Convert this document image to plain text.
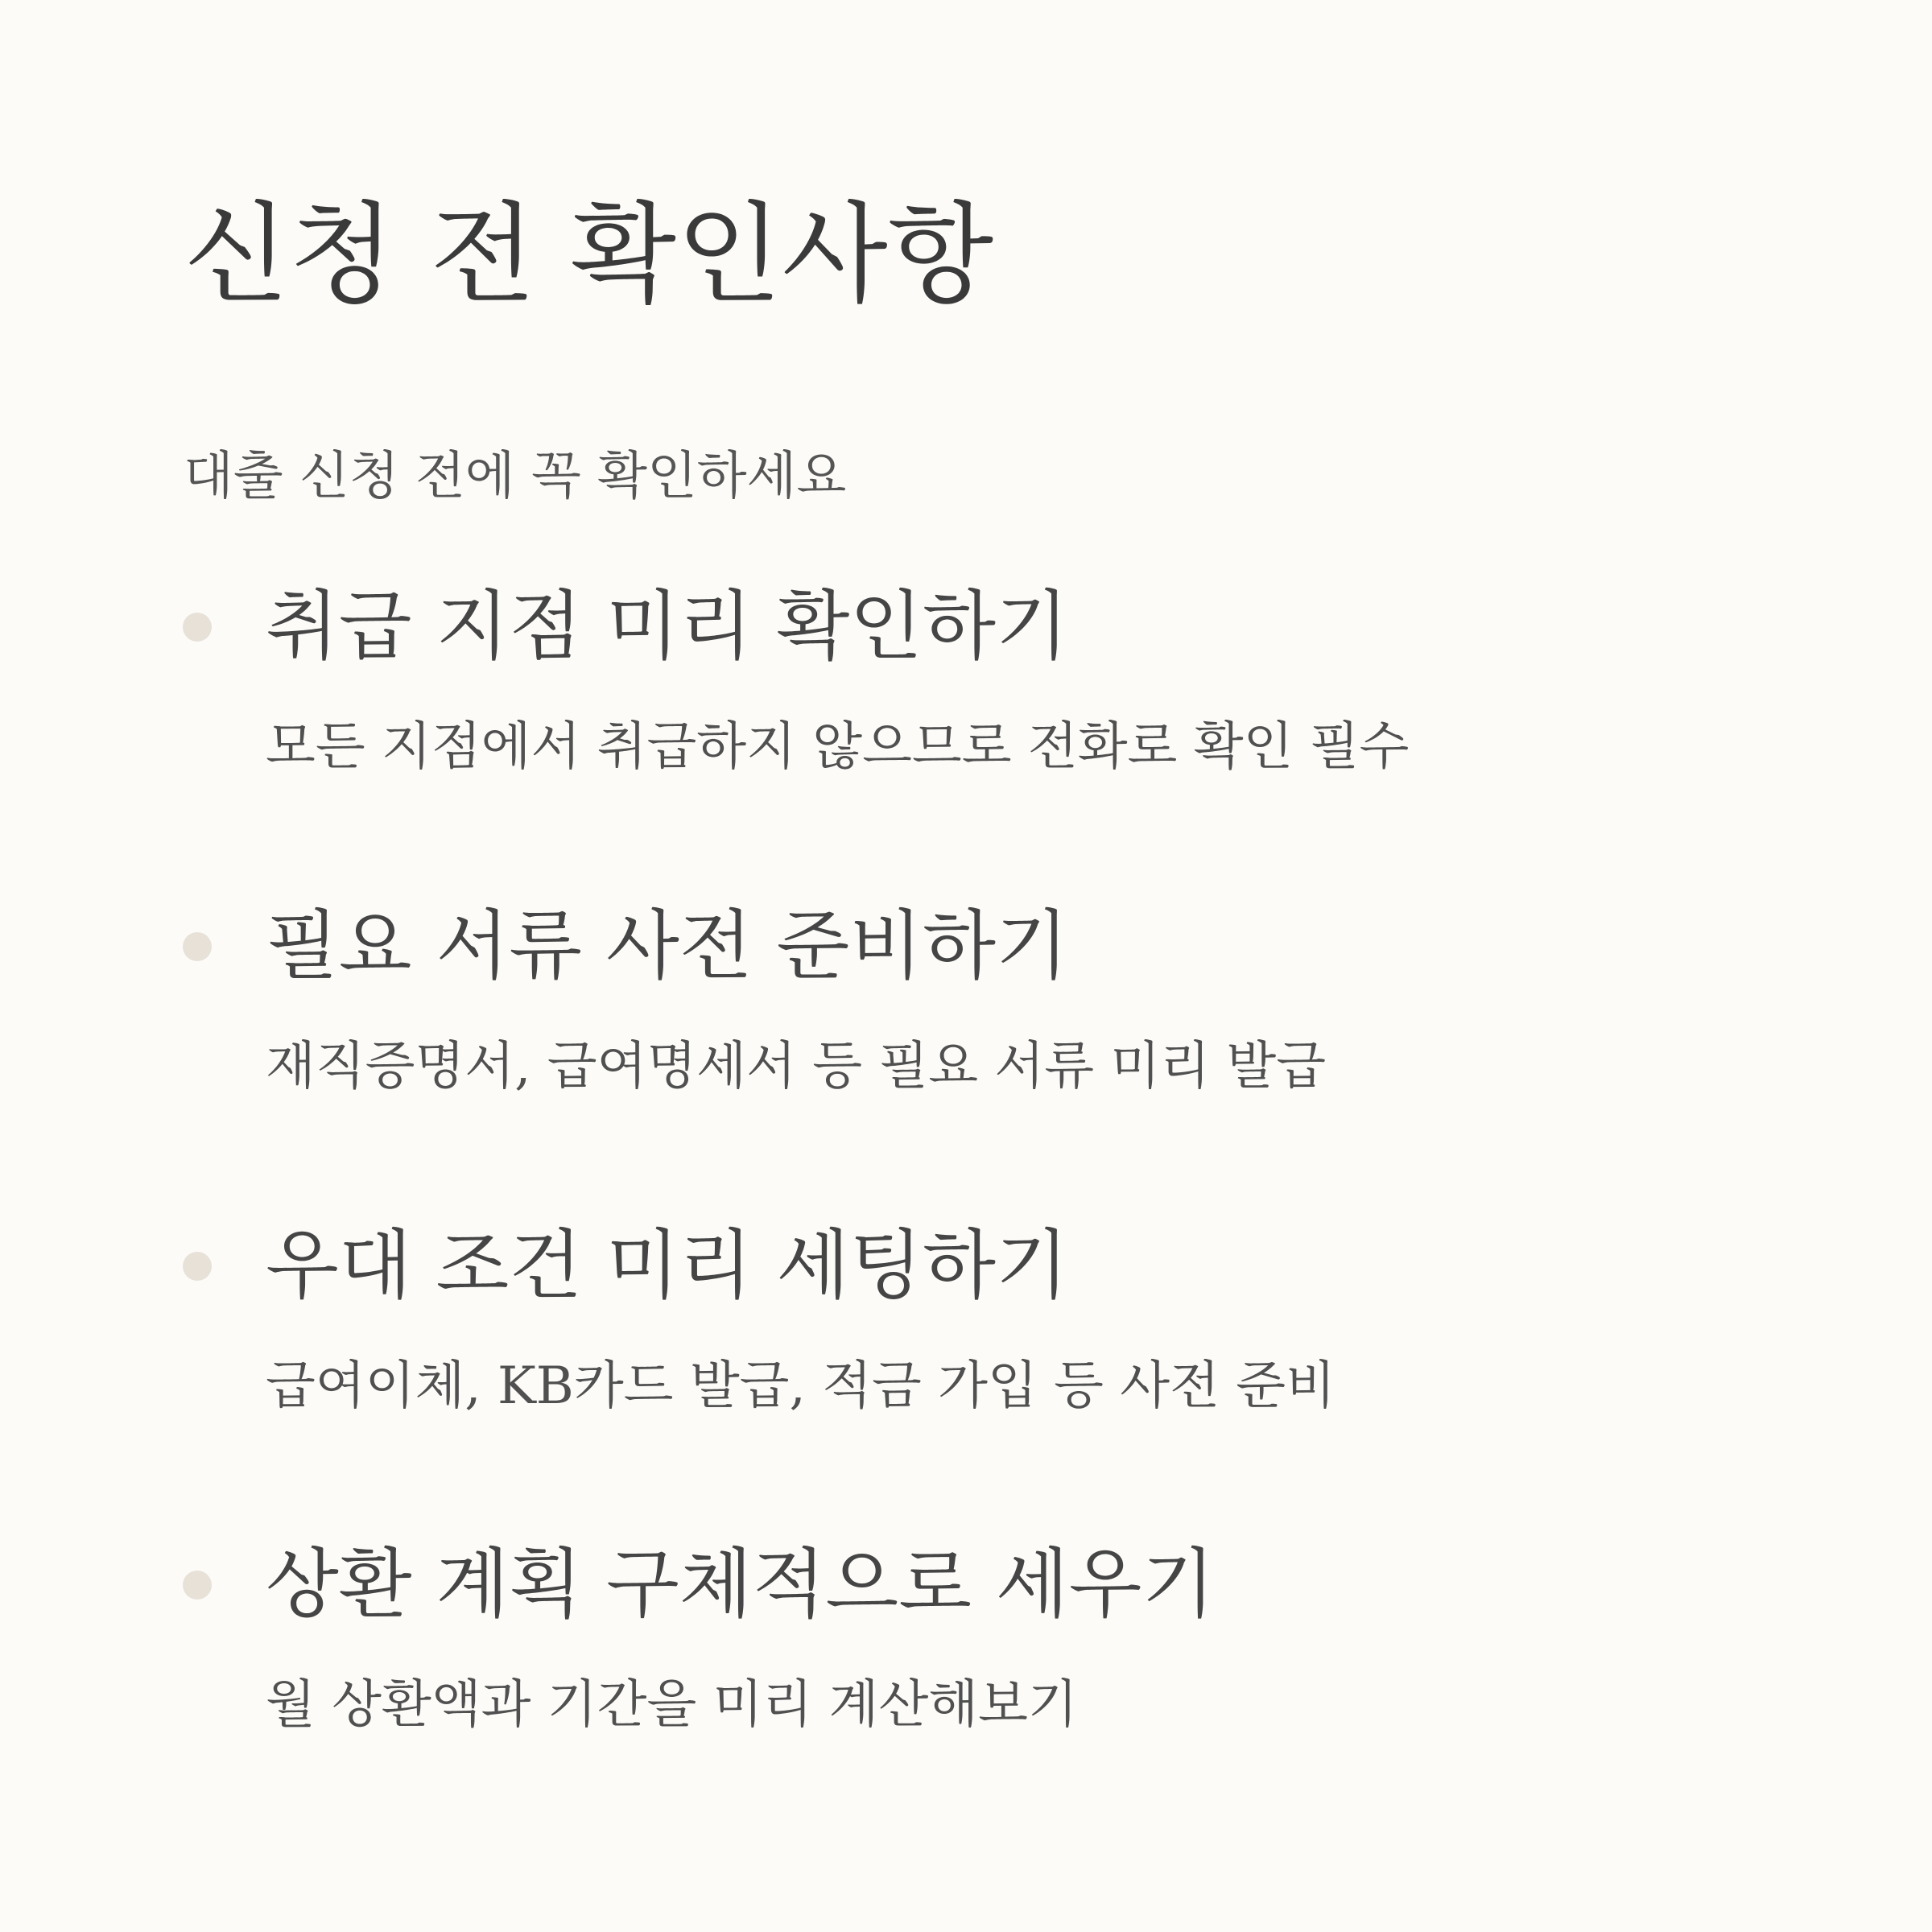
신청 전 확인사항

대출 신청 전에 꼭 확인하세요

취급 지점 미리 확인하기

모든 지점에서 취급하지 않으므로 전화로 확인 필수

필요 서류 사전 준비하기

재직증명서, 급여명세서 등 필요 서류 미리 발급

우대 조건 미리 세팅하기

급여이체, KB카드 발급, 적금 가입 등 사전 준비

상환 계획 구체적으로 세우기

월 상환액과 기간을 미리 계산해보기
